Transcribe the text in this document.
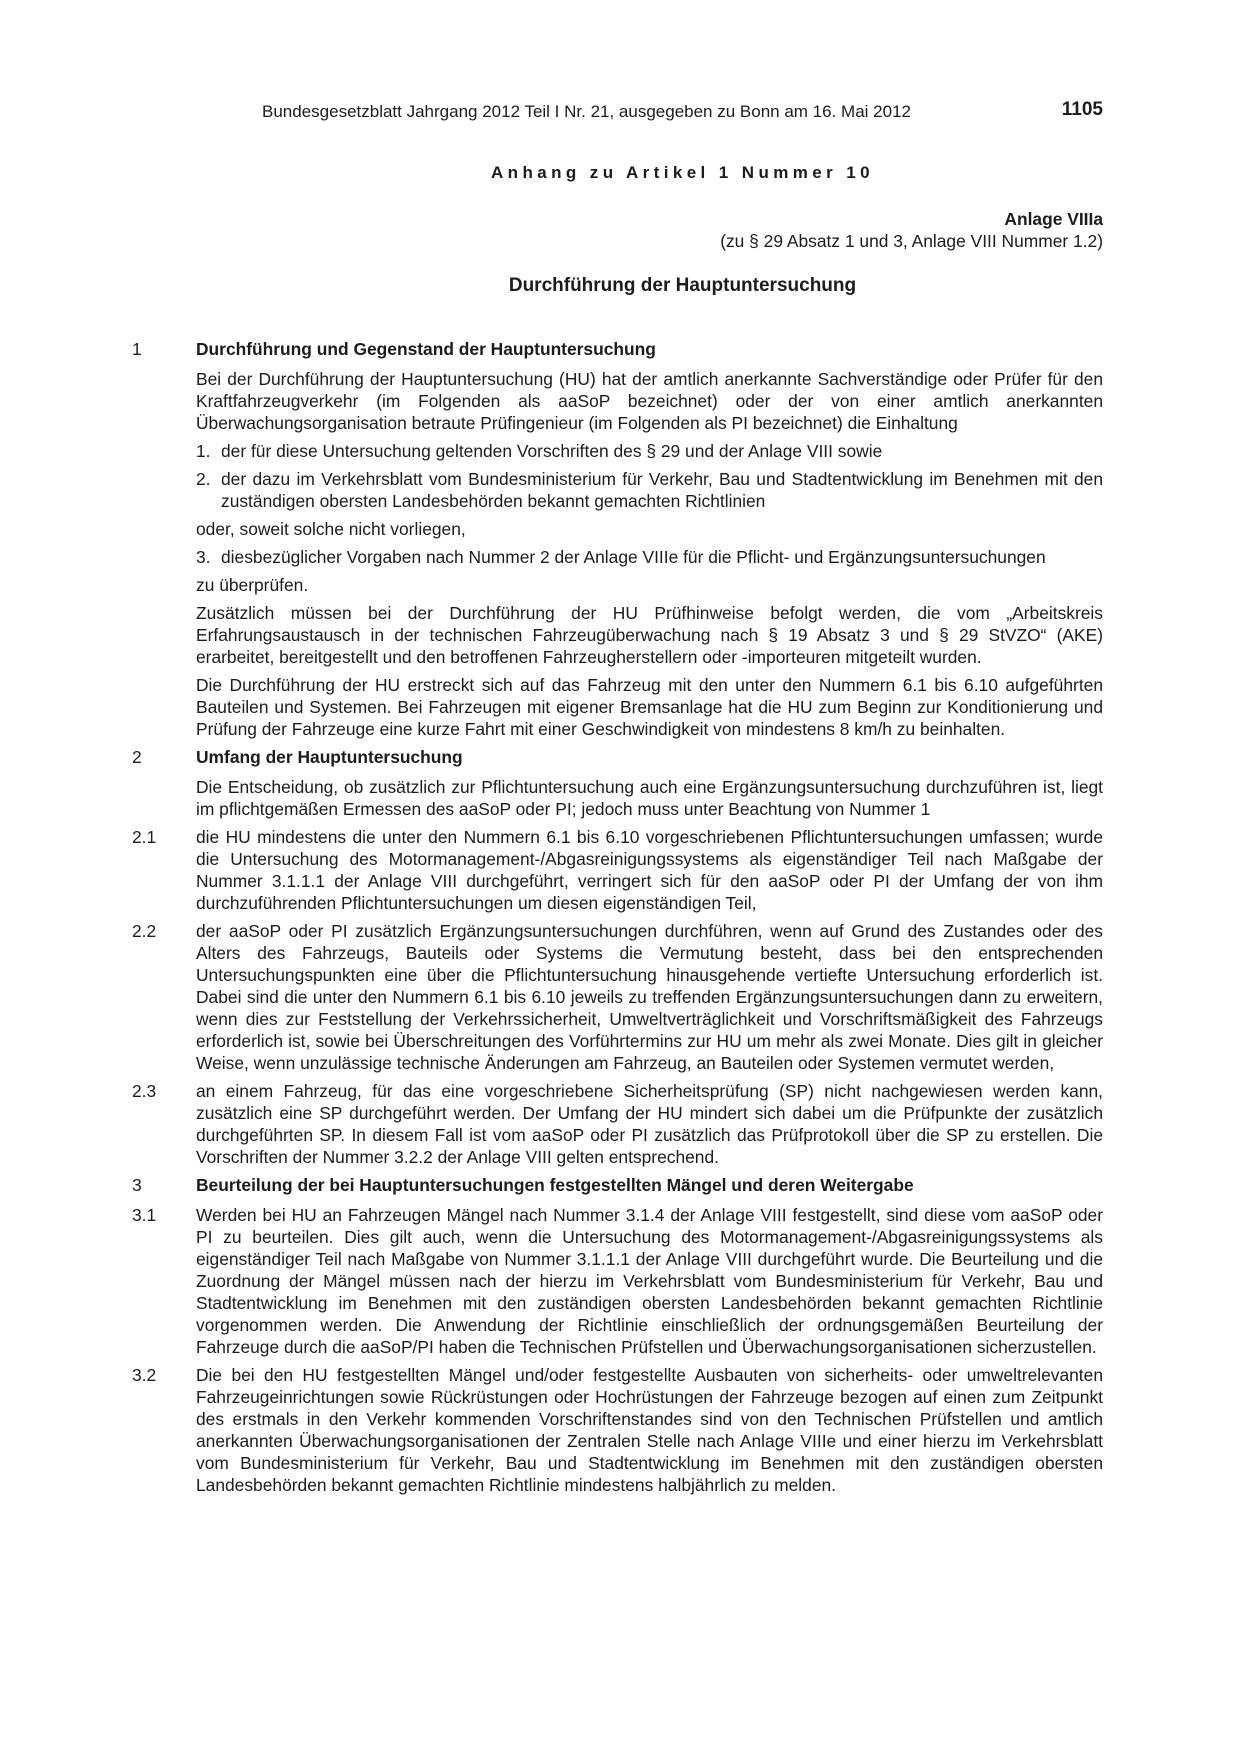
Bundesgesetzblatt Jahrgang 2012 Teil I Nr. 21, ausgegeben zu Bonn am 16. Mai 2012	1105
Anhang zu Artikel 1 Nummer 10
Anlage VIIIa
(zu § 29 Absatz 1 und 3, Anlage VIII Nummer 1.2)
Durchführung der Hauptuntersuchung
1	Durchführung und Gegenstand der Hauptuntersuchung
Bei der Durchführung der Hauptuntersuchung (HU) hat der amtlich anerkannte Sachverständige oder Prüfer für den Kraftfahrzeugverkehr (im Folgenden als aaSoP bezeichnet) oder der von einer amtlich anerkannten Überwachungsorganisation betraute Prüfingenieur (im Folgenden als PI bezeichnet) die Einhaltung
1. der für diese Untersuchung geltenden Vorschriften des § 29 und der Anlage VIII sowie
2. der dazu im Verkehrsblatt vom Bundesministerium für Verkehr, Bau und Stadtentwicklung im Benehmen mit den zuständigen obersten Landesbehörden bekannt gemachten Richtlinien
oder, soweit solche nicht vorliegen,
3. diesbezüglicher Vorgaben nach Nummer 2 der Anlage VIIIe für die Pflicht- und Ergänzungsuntersuchungen
zu überprüfen.
Zusätzlich müssen bei der Durchführung der HU Prüfhinweise befolgt werden, die vom „Arbeitskreis Erfahrungsaustausch in der technischen Fahrzeugüberwachung nach § 19 Absatz 3 und § 29 StVZO“ (AKE) erarbeitet, bereitgestellt und den betroffenen Fahrzeugherstellern oder -importeuren mitgeteilt wurden.
Die Durchführung der HU erstreckt sich auf das Fahrzeug mit den unter den Nummern 6.1 bis 6.10 aufgeführten Bauteilen und Systemen. Bei Fahrzeugen mit eigener Bremsanlage hat die HU zum Beginn zur Konditionierung und Prüfung der Fahrzeuge eine kurze Fahrt mit einer Geschwindigkeit von mindestens 8 km/h zu beinhalten.
2	Umfang der Hauptuntersuchung
Die Entscheidung, ob zusätzlich zur Pflichtuntersuchung auch eine Ergänzungsuntersuchung durchzuführen ist, liegt im pflichtgemäßen Ermessen des aaSoP oder PI; jedoch muss unter Beachtung von Nummer 1
2.1	die HU mindestens die unter den Nummern 6.1 bis 6.10 vorgeschriebenen Pflichtuntersuchungen umfassen; wurde die Untersuchung des Motormanagement-/Abgasreinigungssystems als eigenständiger Teil nach Maßgabe der Nummer 3.1.1.1 der Anlage VIII durchgeführt, verringert sich für den aaSoP oder PI der Umfang der von ihm durchzuführenden Pflichtuntersuchungen um diesen eigenständigen Teil,
2.2	der aaSoP oder PI zusätzlich Ergänzungsuntersuchungen durchführen, wenn auf Grund des Zustandes oder des Alters des Fahrzeugs, Bauteils oder Systems die Vermutung besteht, dass bei den entsprechenden Untersuchungspunkten eine über die Pflichtuntersuchung hinausgehende vertiefte Untersuchung erforderlich ist. Dabei sind die unter den Nummern 6.1 bis 6.10 jeweils zu treffenden Ergänzungsuntersuchungen dann zu erweitern, wenn dies zur Feststellung der Verkehrssicherheit, Umweltverträglichkeit und Vorschriftsmäßigkeit des Fahrzeugs erforderlich ist, sowie bei Überschreitungen des Vorführtermins zur HU um mehr als zwei Monate. Dies gilt in gleicher Weise, wenn unzulässige technische Änderungen am Fahrzeug, an Bauteilen oder Systemen vermutet werden,
2.3	an einem Fahrzeug, für das eine vorgeschriebene Sicherheitsprüfung (SP) nicht nachgewiesen werden kann, zusätzlich eine SP durchgeführt werden. Der Umfang der HU mindert sich dabei um die Prüfpunkte der zusätzlich durchgeführten SP. In diesem Fall ist vom aaSoP oder PI zusätzlich das Prüfprotokoll über die SP zu erstellen. Die Vorschriften der Nummer 3.2.2 der Anlage VIII gelten entsprechend.
3	Beurteilung der bei Hauptuntersuchungen festgestellten Mängel und deren Weitergabe
3.1	Werden bei HU an Fahrzeugen Mängel nach Nummer 3.1.4 der Anlage VIII festgestellt, sind diese vom aaSoP oder PI zu beurteilen. Dies gilt auch, wenn die Untersuchung des Motormanagement-/Abgasreinigungssystems als eigenständiger Teil nach Maßgabe von Nummer 3.1.1.1 der Anlage VIII durchgeführt wurde. Die Beurteilung und die Zuordnung der Mängel müssen nach der hierzu im Verkehrsblatt vom Bundesministerium für Verkehr, Bau und Stadtentwicklung im Benehmen mit den zuständigen obersten Landesbehörden bekannt gemachten Richtlinie vorgenommen werden. Die Anwendung der Richtlinie einschließlich der ordnungsgemäßen Beurteilung der Fahrzeuge durch die aaSoP/PI haben die Technischen Prüfstellen und Überwachungsorganisationen sicherzustellen.
3.2	Die bei den HU festgestellten Mängel und/oder festgestellte Ausbauten von sicherheits- oder umweltrelevanten Fahrzeugeinrichtungen sowie Rückrüstungen oder Hochrüstungen der Fahrzeuge bezogen auf einen zum Zeitpunkt des erstmals in den Verkehr kommenden Vorschriftenstandes sind von den Technischen Prüfstellen und amtlich anerkannten Überwachungsorganisationen der Zentralen Stelle nach Anlage VIIIe und einer hierzu im Verkehrsblatt vom Bundesministerium für Verkehr, Bau und Stadtentwicklung im Benehmen mit den zuständigen obersten Landesbehörden bekannt gemachten Richtlinie mindestens halbjährlich zu melden.
